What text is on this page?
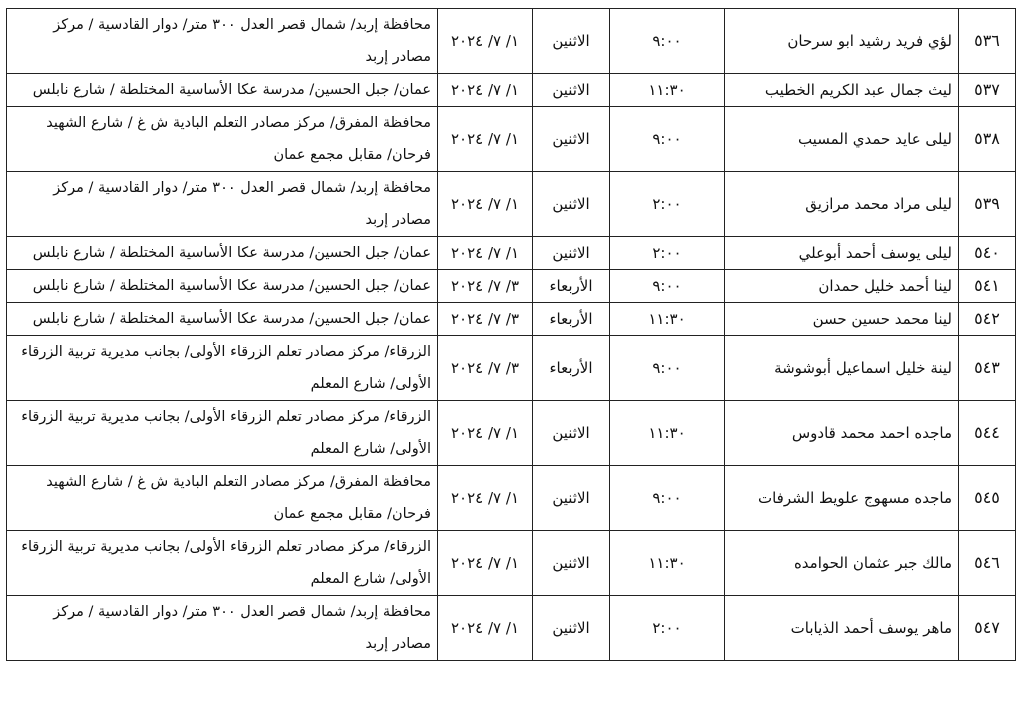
٥٣٦	لؤي فريد رشيد ابو سرحان	٩:٠٠	الاثنين	١/ ٧/ ٢٠٢٤	محافظة إربد/ شمال قصر العدل ٣٠٠ متر/ دوار القادسية / مركز مصادر إربد
٥٣٧	ليث جمال عبد الكريم الخطيب	١١:٣٠	الاثنين	١/ ٧/ ٢٠٢٤	عمان/ جبل الحسين/ مدرسة عكا الأساسية المختلطة / شارع نابلس
٥٣٨	ليلى عايد حمدي المسيب	٩:٠٠	الاثنين	١/ ٧/ ٢٠٢٤	محافظة المفرق/ مركز مصادر التعلم البادية ش غ / شارع الشهيد فرحان/ مقابل مجمع عمان
٥٣٩	ليلى مراد محمد مرازيق	٢:٠٠	الاثنين	١/ ٧/ ٢٠٢٤	محافظة إربد/ شمال قصر العدل ٣٠٠ متر/ دوار القادسية / مركز مصادر إربد
٥٤٠	ليلى يوسف أحمد أبوعلي	٢:٠٠	الاثنين	١/ ٧/ ٢٠٢٤	عمان/ جبل الحسين/ مدرسة عكا الأساسية المختلطة / شارع نابلس
٥٤١	لينا أحمد خليل حمدان	٩:٠٠	الأربعاء	٣/ ٧/ ٢٠٢٤	عمان/ جبل الحسين/ مدرسة عكا الأساسية المختلطة / شارع نابلس
٥٤٢	لينا محمد حسين حسن	١١:٣٠	الأربعاء	٣/ ٧/ ٢٠٢٤	عمان/ جبل الحسين/ مدرسة عكا الأساسية المختلطة / شارع نابلس
٥٤٣	لينة خليل اسماعيل أبوشوشة	٩:٠٠	الأربعاء	٣/ ٧/ ٢٠٢٤	الزرقاء/ مركز مصادر تعلم الزرقاء الأولى/ بجانب مديرية تربية الزرقاء الأولى/ شارع المعلم
٥٤٤	ماجده احمد محمد قادوس	١١:٣٠	الاثنين	١/ ٧/ ٢٠٢٤	الزرقاء/ مركز مصادر تعلم الزرقاء الأولى/ بجانب مديرية تربية الزرقاء الأولى/ شارع المعلم
٥٤٥	ماجده مسهوج علويط الشرفات	٩:٠٠	الاثنين	١/ ٧/ ٢٠٢٤	محافظة المفرق/ مركز مصادر التعلم البادية ش غ / شارع الشهيد فرحان/ مقابل مجمع عمان
٥٤٦	مالك جبر عثمان الحوامده	١١:٣٠	الاثنين	١/ ٧/ ٢٠٢٤	الزرقاء/ مركز مصادر تعلم الزرقاء الأولى/ بجانب مديرية تربية الزرقاء الأولى/ شارع المعلم
٥٤٧	ماهر يوسف أحمد الذيابات	٢:٠٠	الاثنين	١/ ٧/ ٢٠٢٤	محافظة إربد/ شمال قصر العدل ٣٠٠ متر/ دوار القادسية / مركز مصادر إربد
